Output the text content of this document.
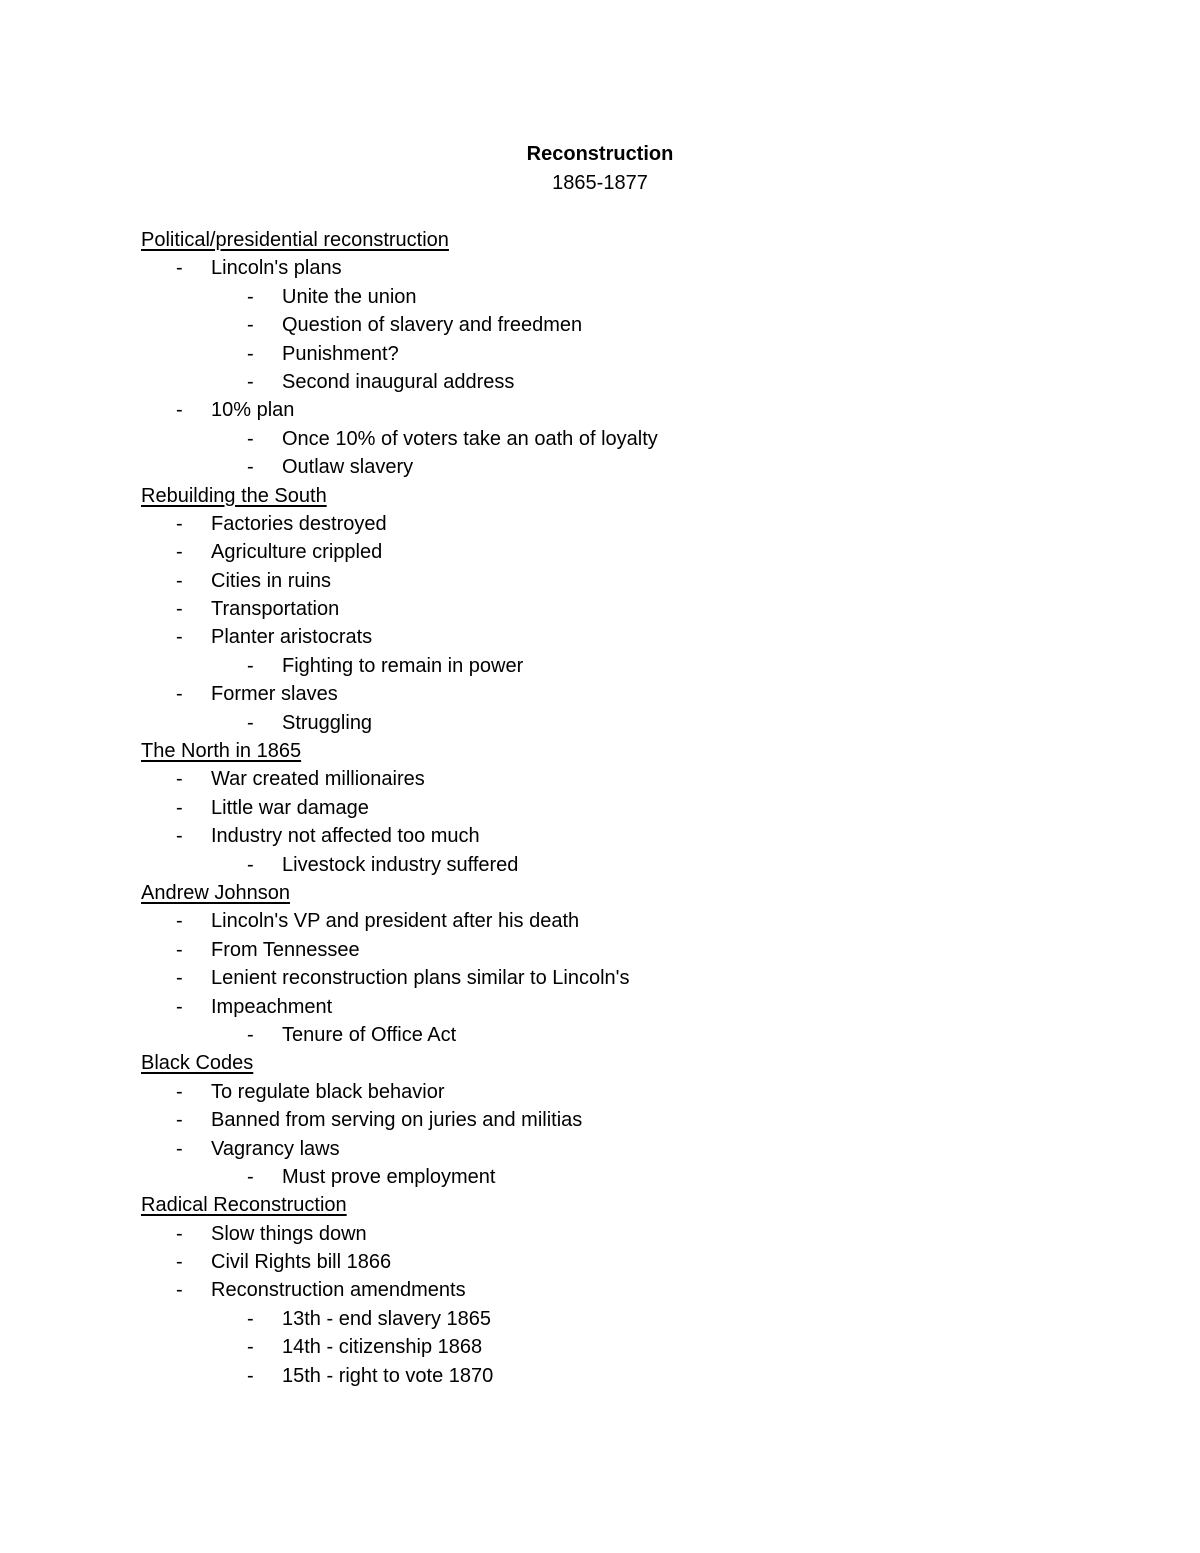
Reconstruction
1865-1877
Political/presidential reconstruction
- Lincoln's plans
- Unite the union
- Question of slavery and freedmen
- Punishment?
- Second inaugural address
- 10% plan
- Once 10% of voters take an oath of loyalty
- Outlaw slavery
Rebuilding the South
- Factories destroyed
- Agriculture crippled
- Cities in ruins
- Transportation
- Planter aristocrats
- Fighting to remain in power
- Former slaves
- Struggling
The North in 1865
- War created millionaires
- Little war damage
- Industry not affected too much
- Livestock industry suffered
Andrew Johnson
- Lincoln's VP and president after his death
- From Tennessee
- Lenient reconstruction plans similar to Lincoln's
- Impeachment
- Tenure of Office Act
Black Codes
- To regulate black behavior
- Banned from serving on juries and militias
- Vagrancy laws
- Must prove employment
Radical Reconstruction
- Slow things down
- Civil Rights bill 1866
- Reconstruction amendments
- 13th - end slavery 1865
- 14th - citizenship 1868
- 15th - right to vote 1870
